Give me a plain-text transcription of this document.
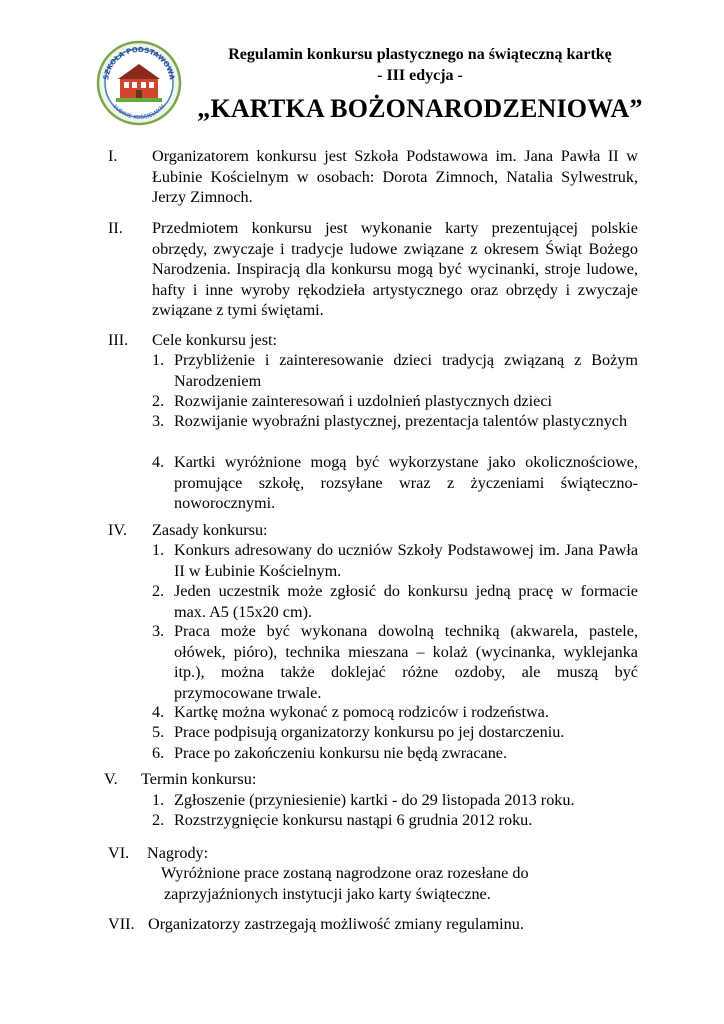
SZKOŁA PODSTAWOWA
ŁUBINIE KOŚCIELNYM
Regulamin konkursu plastycznego na świąteczną kartkę
- III edycja -
„KARTKA BOŻONARODZENIOWA”
I. Organizatorem konkursu jest Szkoła Podstawowa im. Jana Pawła II w Łubinie Kościelnym w osobach: Dorota Zimnoch, Natalia Sylwestruk, Jerzy Zimnoch.
II. Przedmiotem konkursu jest wykonanie karty prezentującej polskie obrzędy, zwyczaje i tradycje ludowe związane z okresem Świąt Bożego Narodzenia. Inspiracją dla konkursu mogą być wycinanki, stroje ludowe, hafty i inne wyroby rękodzieła artystycznego oraz obrzędy i zwyczaje związane z tymi świętami.
III. Cele konkursu jest:
1. Przybliżenie i zainteresowanie dzieci tradycją związaną z Bożym Narodzeniem
2. Rozwijanie zainteresowań i uzdolnień plastycznych dzieci
3. Rozwijanie wyobraźni plastycznej, prezentacja talentów plastycznych
4. Kartki wyróżnione mogą być wykorzystane jako okolicznościowe, promujące szkołę, rozsyłane wraz z życzeniami świąteczno-noworocznymi.
IV. Zasady konkursu:
1. Konkurs adresowany do uczniów Szkoły Podstawowej im. Jana Pawła II w Łubinie Kościelnym.
2. Jeden uczestnik może zgłosić do konkursu jedną pracę w formacie max. A5 (15x20 cm).
3. Praca może być wykonana dowolną techniką (akwarela, pastele, ołówek, pióro), technika mieszana – kolaż (wycinanka, wyklejanka itp.), można także doklejać różne ozdoby, ale muszą być przymocowane trwale.
4. Kartkę można wykonać z pomocą rodziców i rodzeństwa.
5. Prace podpisują organizatorzy konkursu po jej dostarczeniu.
6. Prace po zakończeniu konkursu nie będą zwracane.
V. Termin konkursu:
1. Zgłoszenie (przyniesienie) kartki - do 29 listopada 2013 roku.
2. Rozstrzygnięcie konkursu nastąpi 6 grudnia 2012 roku.
VI. Nagrody:
Wyróżnione prace zostaną nagrodzone oraz rozesłane do
zaprzyjaźnionych instytucji jako karty świąteczne.
VII. Organizatorzy zastrzegają możliwość zmiany regulaminu.
